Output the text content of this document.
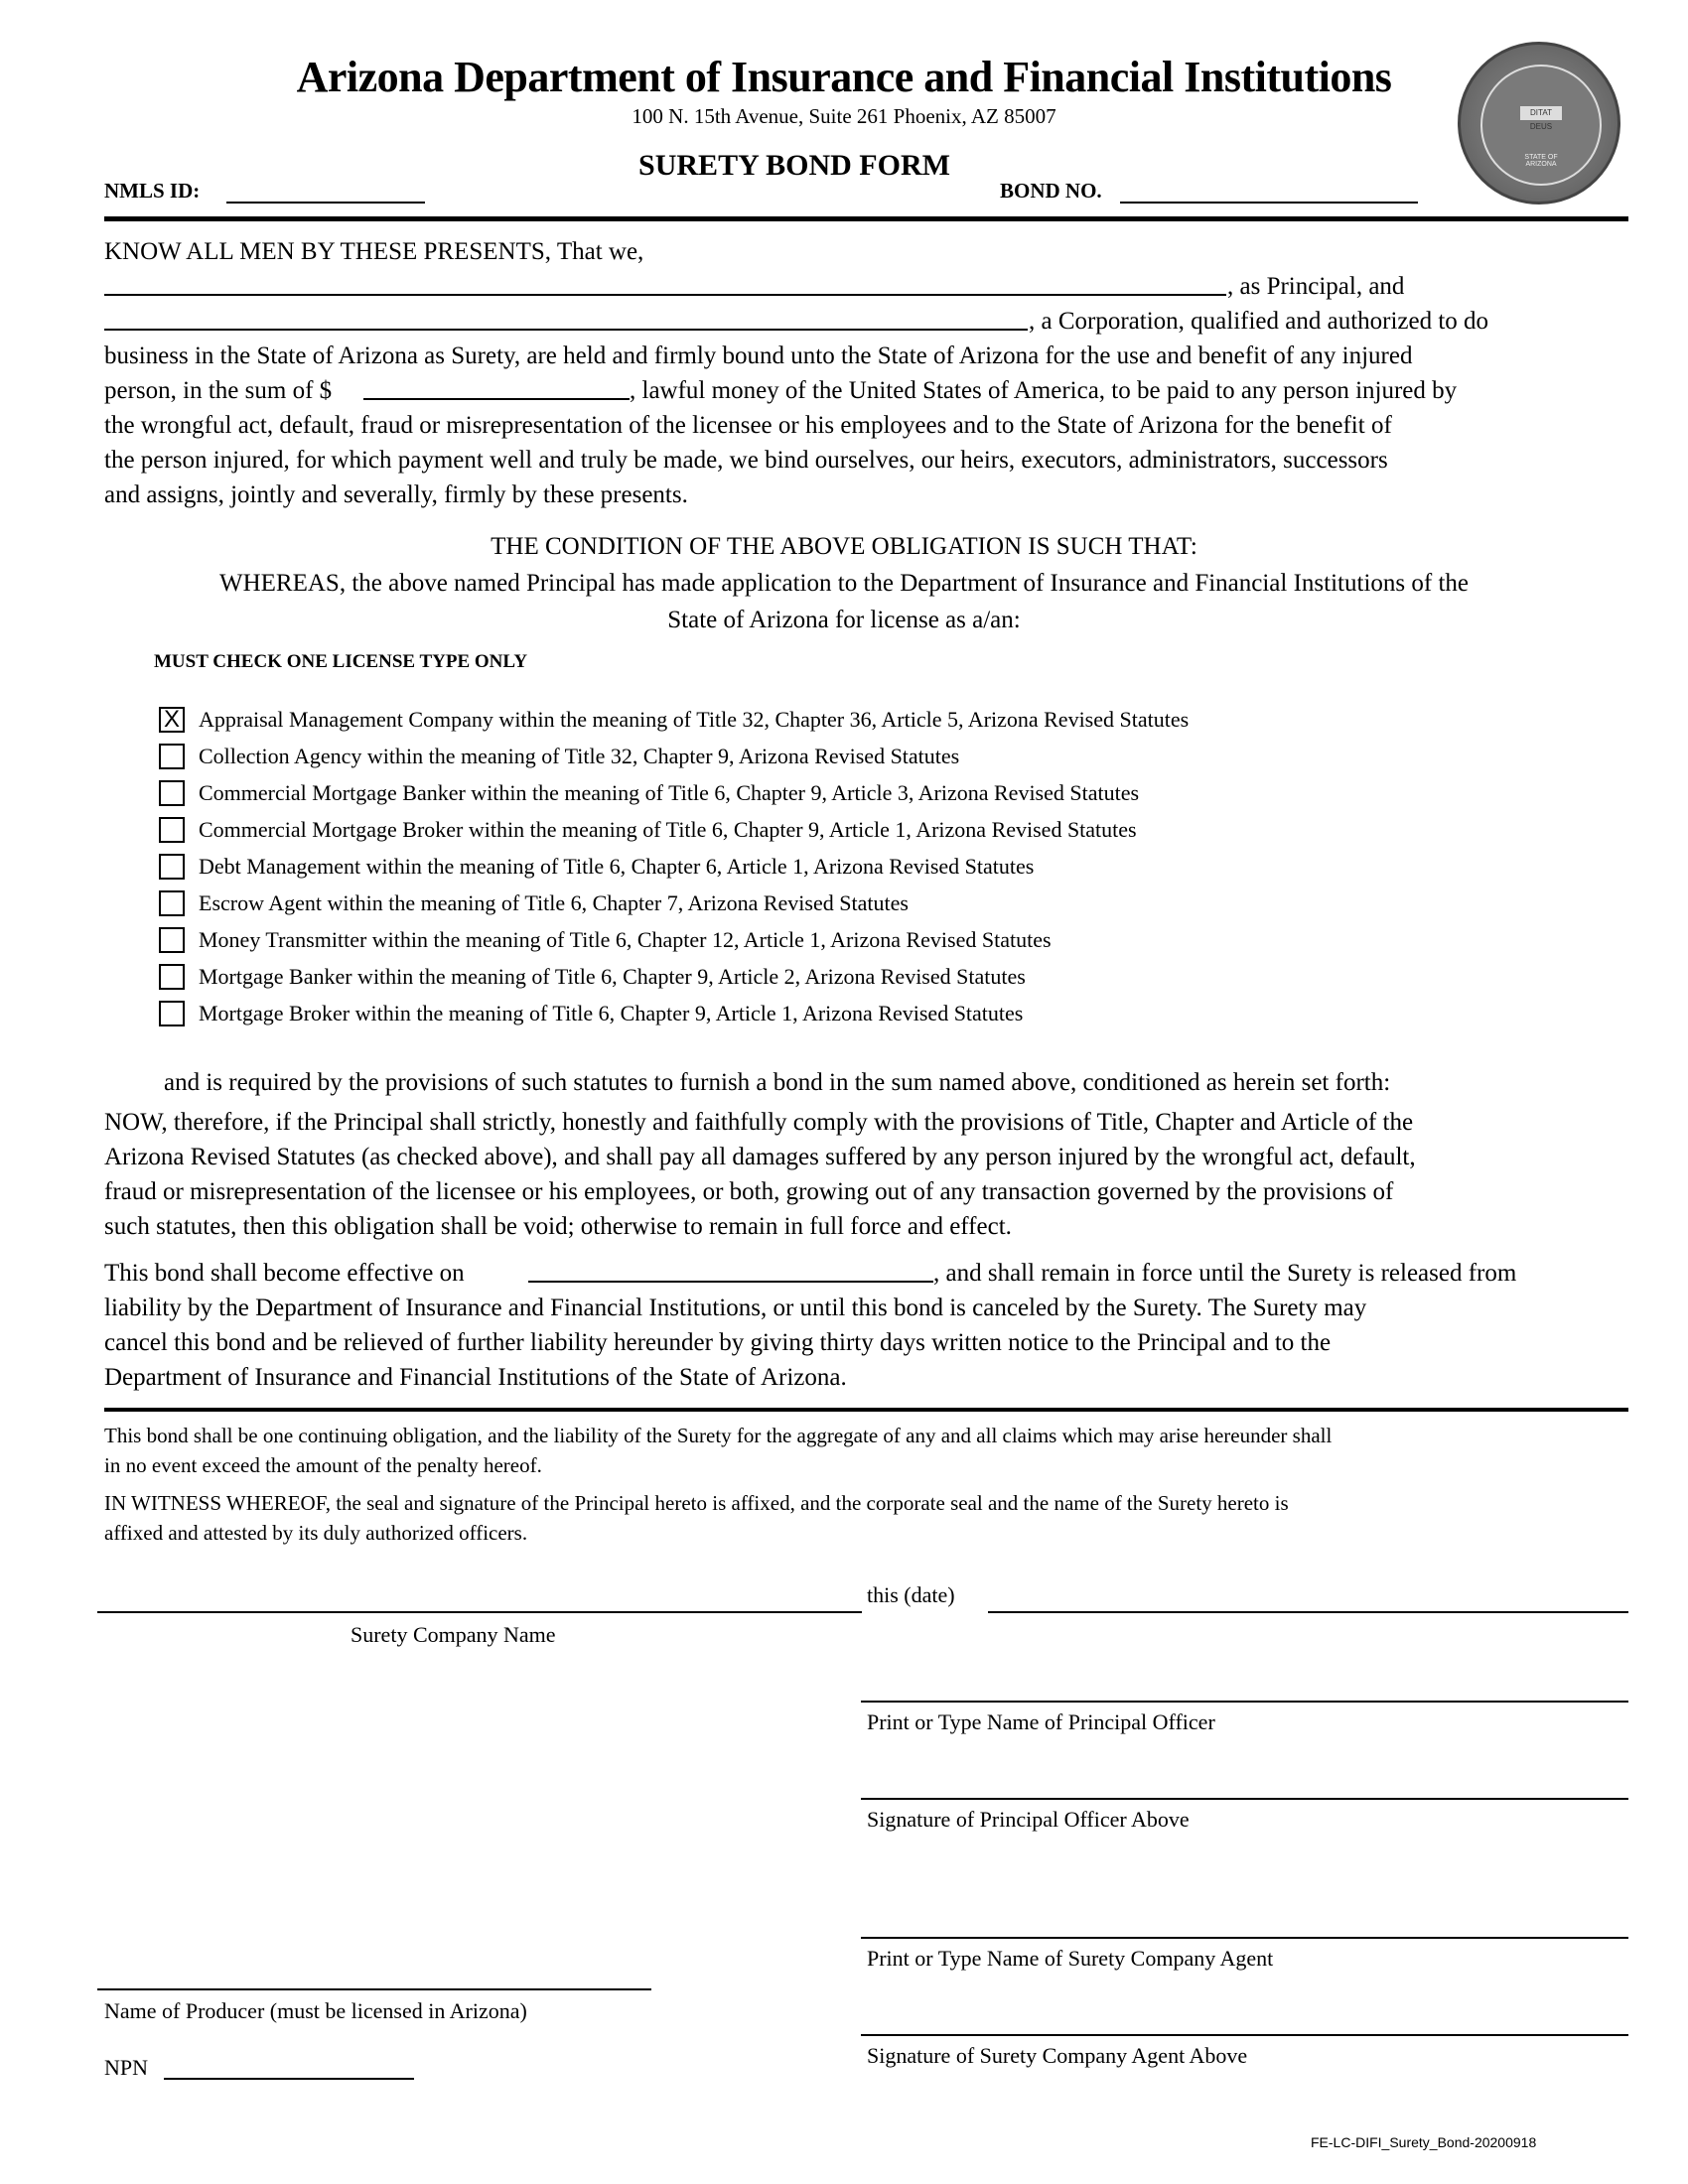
Arizona Department of Insurance and Financial Institutions
100 N. 15th Avenue, Suite 261 Phoenix, AZ 85007	DITAT DEUS
STATE OF ARIZONA
SURETY BOND FORM
NMLS ID:	BOND NO.
KNOW ALL MEN BY THESE PRESENTS, That we,
, as Principal, and
, a Corporation, qualified and authorized to do
business in the State of Arizona as Surety, are held and firmly bound unto the State of Arizona for the use and benefit of any injured
person, in the sum of $	, lawful money of the United States of America, to be paid to any person injured by
the wrongful act, default, fraud or misrepresentation of the licensee or his employees and to the State of Arizona for the benefit of
the person injured, for which payment well and truly be made, we bind ourselves, our heirs, executors, administrators, successors
and assigns, jointly and severally, firmly by these presents.
THE CONDITION OF THE ABOVE OBLIGATION IS SUCH THAT:
WHEREAS, the above named Principal has made application to the Department of Insurance and Financial Institutions of the
State of Arizona for license as a/an:
MUST CHECK ONE LICENSE TYPE ONLY
X Appraisal Management Company within the meaning of Title 32, Chapter 36, Article 5, Arizona Revised Statutes
Collection Agency within the meaning of Title 32, Chapter 9, Arizona Revised Statutes
Commercial Mortgage Banker within the meaning of Title 6, Chapter 9, Article 3, Arizona Revised Statutes
Commercial Mortgage Broker within the meaning of Title 6, Chapter 9, Article 1, Arizona Revised Statutes
Debt Management within the meaning of Title 6, Chapter 6, Article 1, Arizona Revised Statutes
Escrow Agent within the meaning of Title 6, Chapter 7, Arizona Revised Statutes
Money Transmitter within the meaning of Title 6, Chapter 12, Article 1, Arizona Revised Statutes
Mortgage Banker within the meaning of Title 6, Chapter 9, Article 2, Arizona Revised Statutes
Mortgage Broker within the meaning of Title 6, Chapter 9, Article 1, Arizona Revised Statutes
and is required by the provisions of such statutes to furnish a bond in the sum named above, conditioned as herein set forth:
NOW, therefore, if the Principal shall strictly, honestly and faithfully comply with the provisions of Title, Chapter and Article of the
Arizona Revised Statutes (as checked above), and shall pay all damages suffered by any person injured by the wrongful act, default,
fraud or misrepresentation of the licensee or his employees, or both, growing out of any transaction governed by the provisions of
such statutes, then this obligation shall be void; otherwise to remain in full force and effect.
This bond shall become effective on	, and shall remain in force until the Surety is released from
liability by the Department of Insurance and Financial Institutions, or until this bond is canceled by the Surety. The Surety may
cancel this bond and be relieved of further liability hereunder by giving thirty days written notice to the Principal and to the
Department of Insurance and Financial Institutions of the State of Arizona.
This bond shall be one continuing obligation, and the liability of the Surety for the aggregate of any and all claims which may arise hereunder shall
in no event exceed the amount of the penalty hereof.
IN WITNESS WHEREOF, the seal and signature of the Principal hereto is affixed, and the corporate seal and the name of the Surety hereto is
affixed and attested by its duly authorized officers.
this (date)
Surety Company Name
Print or Type Name of Principal Officer
Signature of Principal Officer Above
Print or Type Name of Surety Company Agent
Name of Producer (must be licensed in Arizona)
Signature of Surety Company Agent Above
NPN
FE-LC-DIFI_Surety_Bond-20200918
